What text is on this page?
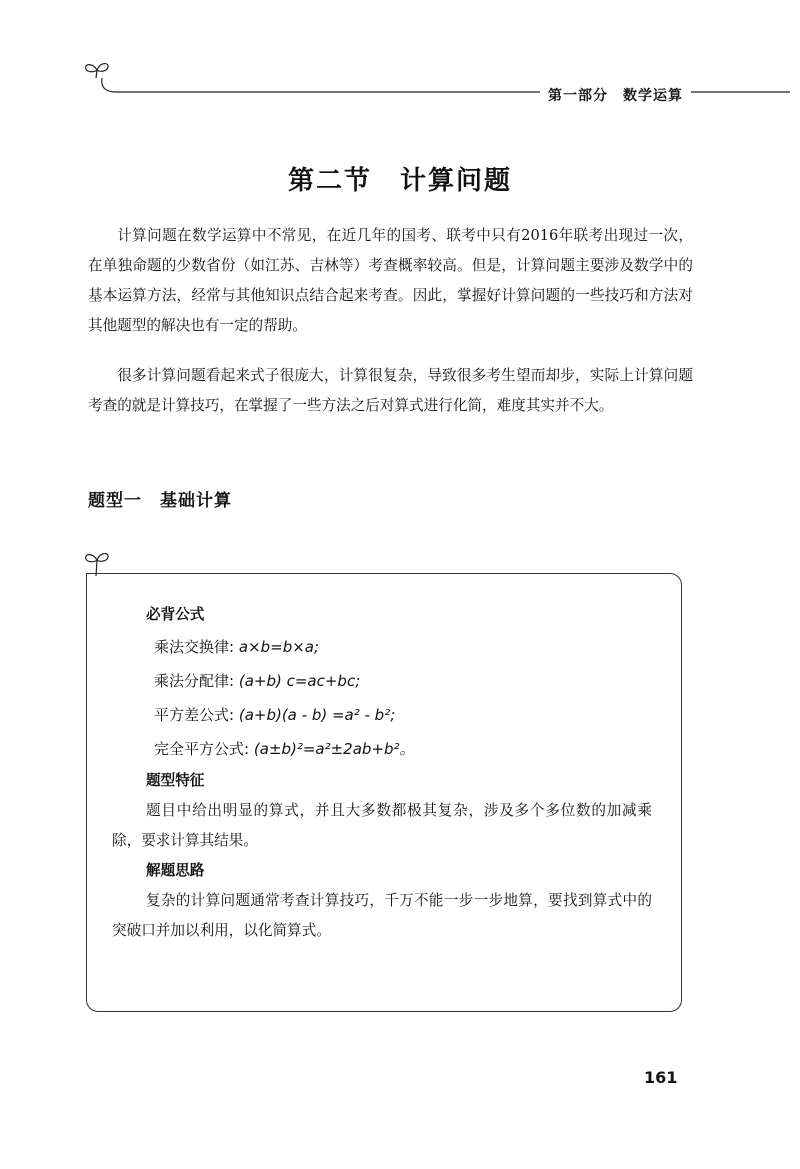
第一部分　数学运算
第二节　计算问题

计算问题在数学运算中不常见，在近几年的国考、联考中只有2016年联考出现过一次，在单独命题的少数省份（如江苏、吉林等）考查概率较高。但是，计算问题主要涉及数学中的基本运算方法，经常与其他知识点结合起来考查。因此，掌握好计算问题的一些技巧和方法对其他题型的解决也有一定的帮助。

很多计算问题看起来式子很庞大，计算很复杂，导致很多考生望而却步，实际上计算问题考查的就是计算技巧，在掌握了一些方法之后对算式进行化简，难度其实并不大。

题型一　基础计算
必背公式
乘法交换律: a×b=b×a;
乘法分配律: (a+b) c=ac+bc;
平方差公式: (a+b)(a - b) =a² - b²;
完全平方公式: (a±b)²=a²±2ab+b²。
题型特征

题目中给出明显的算式，并且大多数都极其复杂，涉及多个多位数的加减乘除，要求计算其结果。

解题思路

复杂的计算问题通常考查计算技巧，千万不能一步一步地算，要找到算式中的突破口并加以利用，以化简算式。

161
